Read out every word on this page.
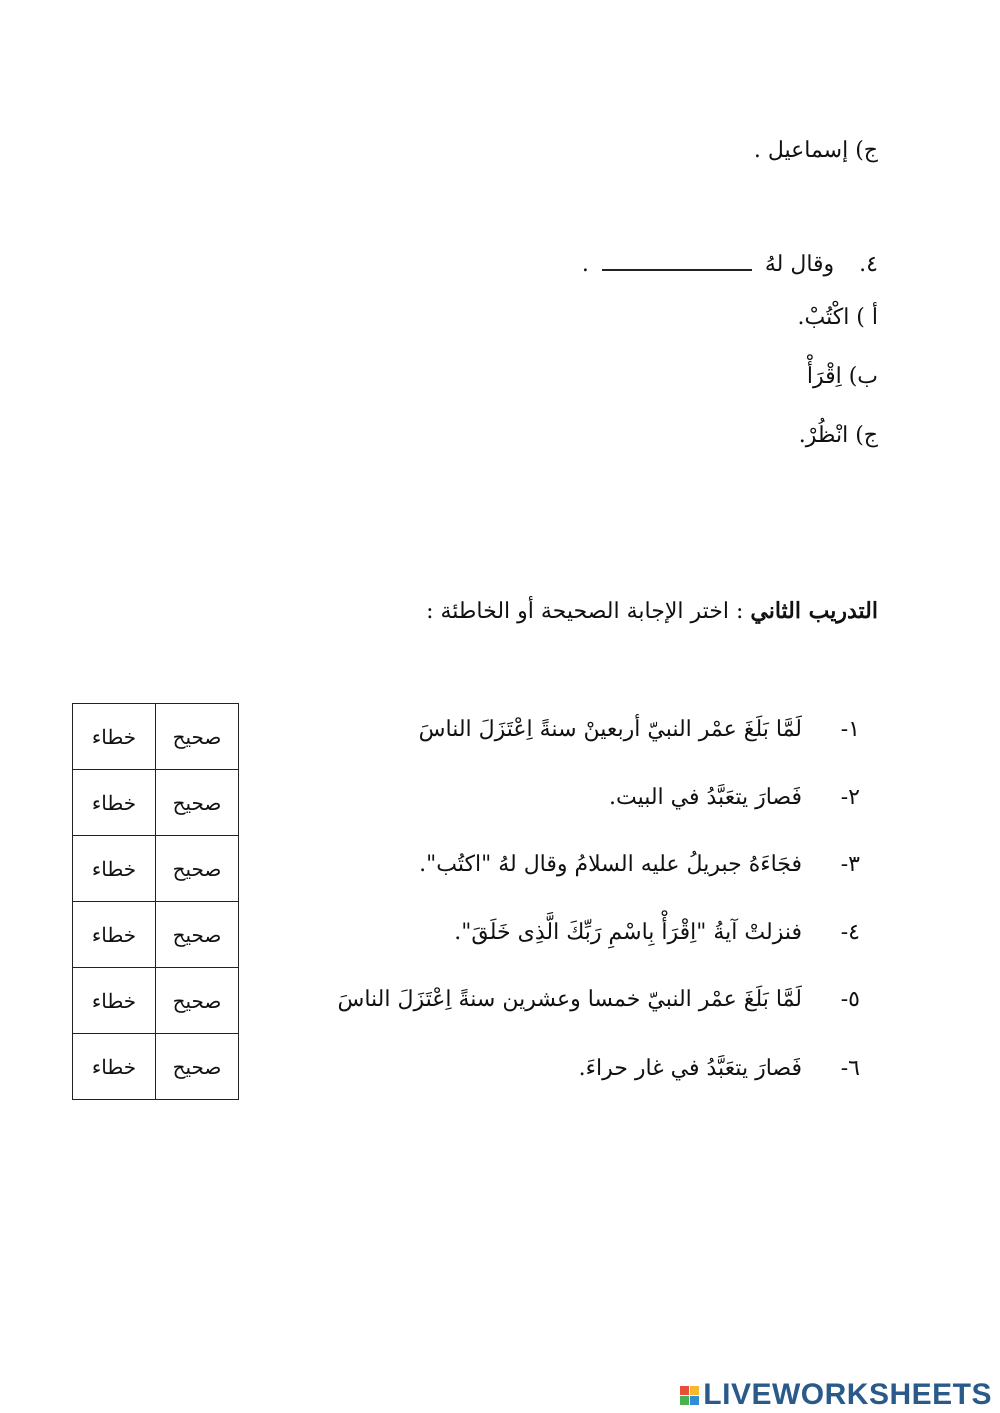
ج) إسماعيل .
٤. وقال لهُ  .
أ ) اكْتُبْ.
ب) اِقْرَأْ
ج) انْظُرْ.
التدريب الثاني : اختر الإجابة الصحيحة أو الخاطئة :
١-لَمَّا بَلَغَ عمْر النبيّ أربعينْ سنةً اِعْتَزَلَ الناسَ
٢-فَصارَ يتعَبَّدُ في البيت.
٣-فجَاءَهُ جبريلُ عليه السلامُ وقال لهُ "اكتُب".
٤-فنزلتْ آيةُ "اِقْرَأْ بِاسْمِ رَبِّكَ الَّذِى خَلَقَ".
٥-لَمَّا بَلَغَ عمْر النبيّ خمسا وعشرين سنةً اِعْتَزَلَ الناسَ
٦-فَصارَ يتعَبَّدُ في غار حراءَ.
صحيح	خطاء
صحيح	خطاء
صحيح	خطاء
صحيح	خطاء
صحيح	خطاء
صحيح	خطاء
LIVEWORKSHEETS
